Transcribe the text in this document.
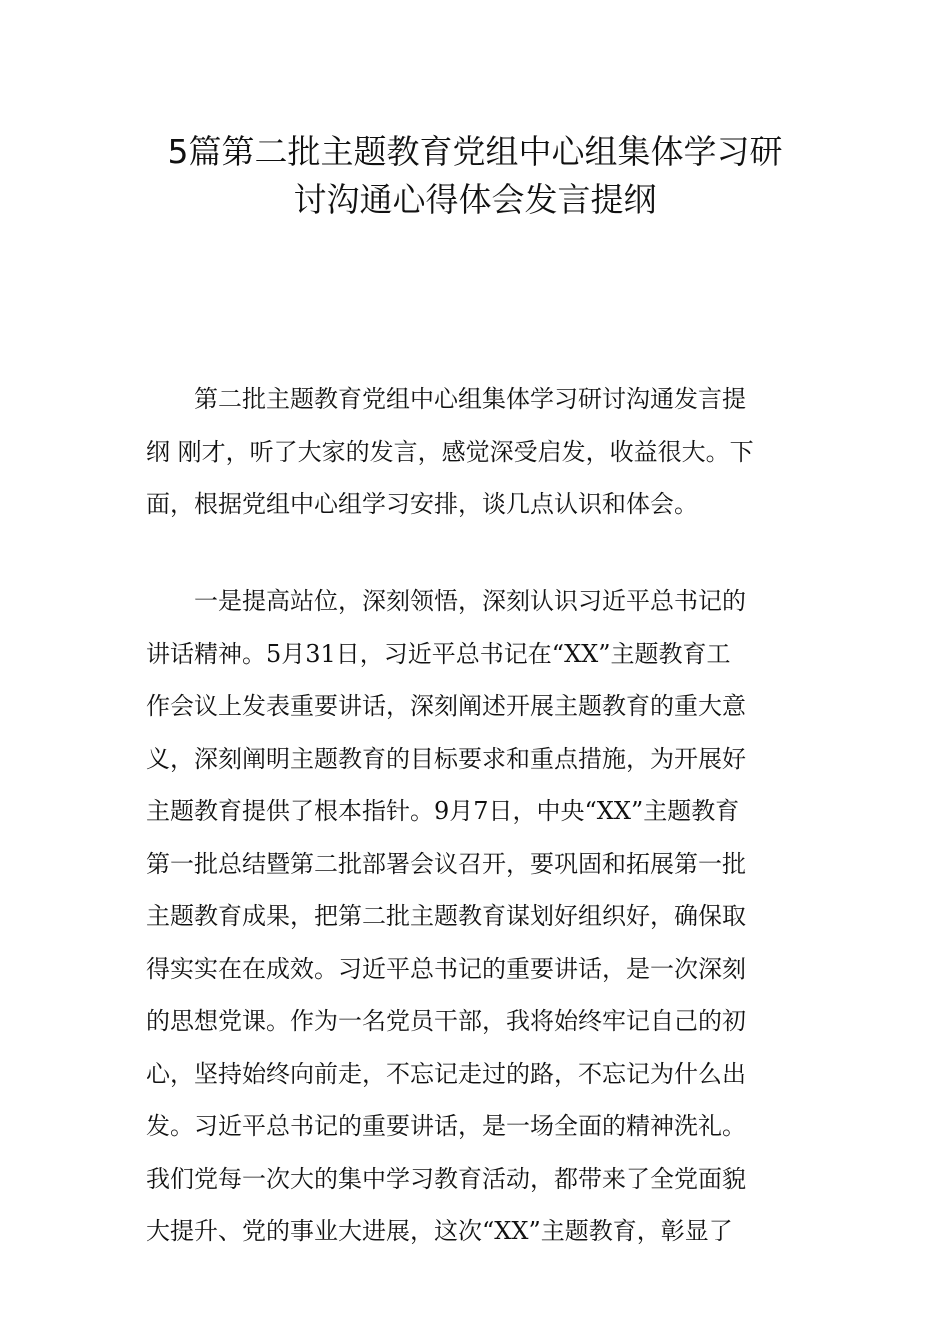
5篇第二批主题教育党组中心组集体学习研
讨沟通心得体会发言提纲

　　第二批主题教育党组中心组集体学习研讨沟通发言提
纲 刚才，听了大家的发言，感觉深受启发，收益很大。下
面，根据党组中心组学习安排，谈几点认识和体会。

　　一是提高站位，深刻领悟，深刻认识习近平总书记的
讲话精神。5月31日，习近平总书记在“XX”主题教育工
作会议上发表重要讲话，深刻阐述开展主题教育的重大意
义，深刻阐明主题教育的目标要求和重点措施，为开展好
主题教育提供了根本指针。9月7日，中央“XX”主题教育
第一批总结暨第二批部署会议召开，要巩固和拓展第一批
主题教育成果，把第二批主题教育谋划好组织好，确保取
得实实在在成效。习近平总书记的重要讲话，是一次深刻
的思想党课。作为一名党员干部，我将始终牢记自己的初
心，坚持始终向前走，不忘记走过的路，不忘记为什么出
发。习近平总书记的重要讲话，是一场全面的精神洗礼。
我们党每一次大的集中学习教育活动，都带来了全党面貌
大提升、党的事业大进展，这次“XX”主题教育，彰显了
